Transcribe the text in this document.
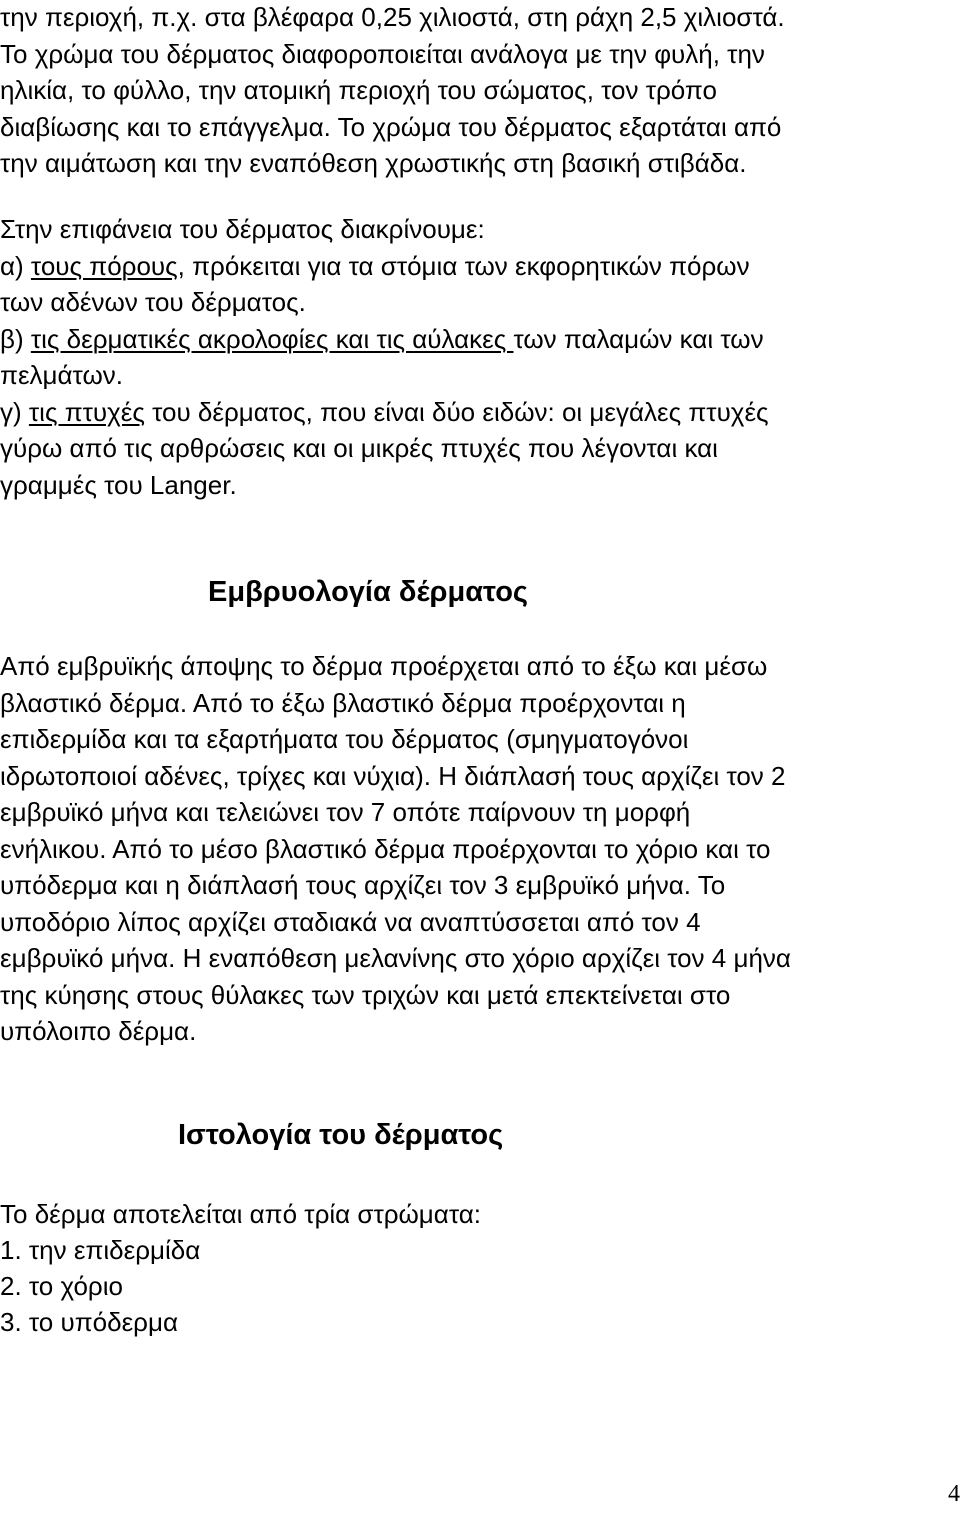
την περιοχή, π.χ. στα βλέφαρα 0,25 χιλιοστά, στη ράχη 2,5 χιλιοστά.

Το χρώμα του δέρματος διαφοροποιείται ανάλογα με την φυλή, την

ηλικία, το φύλλο, την ατομική περιοχή του σώματος, τον τρόπο

διαβίωσης και το επάγγελμα. Το χρώμα του δέρματος εξαρτάται από

την αιμάτωση και την εναπόθεση χρωστικής στη βασική στιβάδα.

Στην επιφάνεια του δέρματος διακρίνουμε:

α) τους πόρους, πρόκειται για τα στόμια των εκφορητικών πόρων

των αδένων του δέρματος.

β) τις δερματικές ακρολοφίες και τις αύλακες των παλαμών και των

πελμάτων.

γ) τις πτυχές του δέρματος, που είναι δύο ειδών: οι μεγάλες πτυχές

γύρω από τις αρθρώσεις και οι μικρές πτυχές που λέγονται και

γραμμές του Langer.

Εμβρυολογία δέρματος

Από εμβρυϊκής άποψης το δέρμα προέρχεται από το έξω και μέσω

βλαστικό δέρμα. Από το έξω βλαστικό δέρμα προέρχονται η

επιδερμίδα και τα εξαρτήματα του δέρματος (σμηγματογόνοι

ιδρωτοποιοί αδένες, τρίχες και νύχια). Η διάπλασή τους αρχίζει τον 2

εμβρυϊκό μήνα και τελειώνει τον 7 οπότε παίρνουν τη μορφή

ενήλικου. Από το μέσο βλαστικό δέρμα προέρχονται το χόριο και το

υπόδερμα και η διάπλασή τους αρχίζει τον 3 εμβρυϊκό μήνα. Το

υποδόριο λίπος αρχίζει σταδιακά να αναπτύσσεται από τον 4

εμβρυϊκό μήνα. Η εναπόθεση μελανίνης στο χόριο αρχίζει τον 4 μήνα

της κύησης στους θύλακες των τριχών και μετά επεκτείνεται στο

υπόλοιπο δέρμα.

Ιστολογία του δέρματος

Το δέρμα αποτελείται από τρία στρώματα:

1. την επιδερμίδα

2. το χόριο

3. το υπόδερμα

4
